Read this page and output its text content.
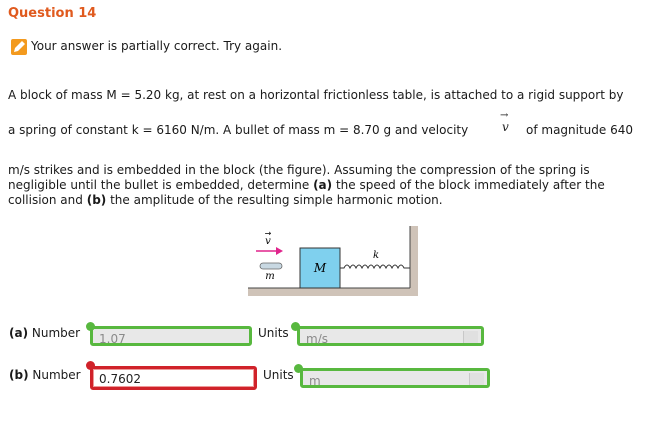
Question 14
Your answer is partially correct. Try again.
A block of mass M = 5.20 kg, at rest on a horizontal frictionless table, is attached to a rigid support by
a spring of constant k = 6160 N/m. A bullet of mass m = 8.70 g and velocity
→
v of magnitude 640
m/s strikes and is embedded in the block (the figure). Assuming the compression of the spring is negligible until the bullet is embedded, determine (a) the speed of the block immediately after the collision and (b) the amplitude of the resulting simple harmonic motion.
M
k
m
v
→
(a) Number	1.07	Units	m/s
(b) Number	0.7602	Units	m
